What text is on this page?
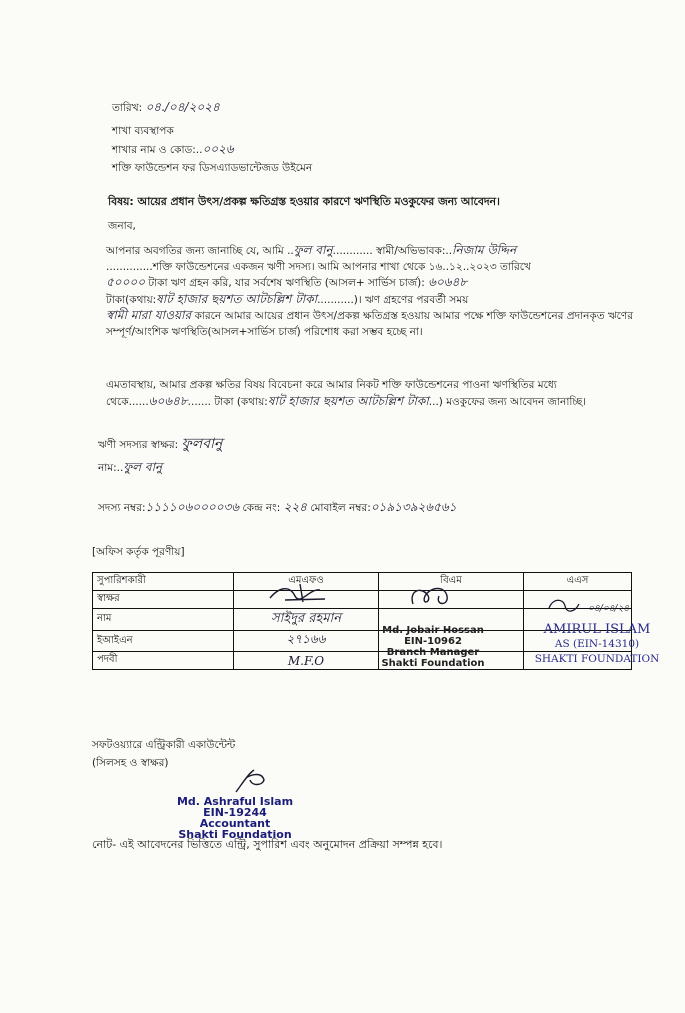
তারিখ: ০৪./০৪/২০২৪
শাখা ব্যবস্থাপক
শাখার নাম ও কোড:..০০২৬
শক্তি ফাউন্ডেশন ফর ডিসএ্যাডভান্টেজড উইমেন
বিষয়: আয়ের প্রধান উৎস/প্রকল্প ক্ষতিগ্রস্ত হওয়ার কারণে ঋণস্থিতি মওকুফের জন্য আবেদন।
জনাব,
আপনার অবগতির জন্য জানাচ্ছি যে, আমি ..ফুল বানু............ স্বামী/অভিভাবক:..নিজাম উদ্দিন
..............শক্তি ফাউন্ডেশনের একজন ঋণী সদস্য। আমি আপনার শাখা থেকে ১৬..১২..২০২৩ তারিখে
৫০০০০ টাকা ঋণ গ্রহন করি, যার সর্বশেষ ঋণস্থিতি (আসল+ সার্ভিস চার্জ): ৬০৬৪৮
টাকা(কথায়:ষাট হাজার ছয়শত আটচল্লিশ টাকা...........)। ঋণ গ্রহণের পরবর্তী সময়
স্বামী মারা যাওয়ার কারনে আমার আয়ের প্রধান উৎস/প্রকল্প ক্ষতিগ্রস্ত হওয়ায় আমার পক্ষে শক্তি ফাউন্ডেশনের প্রদানকৃত ঋণের সম্পূর্ণ/আংশিক ঋণস্থিতি(আসল+সার্ভিস চার্জ) পরিশোধ করা সম্ভব হচ্ছে না।
এমতাবস্থায়, আমার প্রকল্প ক্ষতির বিষয় বিবেচনা করে আমার নিকট শক্তি ফাউন্ডেশনের পাওনা ঋণস্থিতির মধ্যে থেকে......৬০৬৪৮....... টাকা (কথায়:ষাট হাজার ছয়শত আটচল্লিশ টাকা...) মওকুফের জন্য আবেদন জানাচ্ছি।
ঋণী সদস্যর স্বাক্ষর: ফুলবানু
নাম:..ফুল বানু
সদস্য নম্বর:১১১১০৬০০০০৩৬ কেন্দ্র নং: ২২৪ মোবাইল নম্বর:০১৯১৩৯২৬৫৬১
[অফিস কর্তৃক পূরণীয়]
সুপারিশকারী	এমএফও	বিএম	এএস
স্বাক্ষর			
নাম	সাইদুর রহমান		
ইআইএন	২৭১৬৬		
পদবী	M.F.O		
০৪/০৪/২৪
Md. Jobair Hossan
EIN-10962
Branch Manager
Shakti Foundation
AMIRUL ISLAM
AS (EIN-14310)
SHAKTI FOUNDATION
সফটওয়্যারে এন্ট্রিকারী একাউন্টেন্ট
(সিলসহ ও স্বাক্ষর)
Md. Ashraful Islam
EIN-19244
Accountant
Shakti Foundation
নোট- এই আবেদনের ভিত্তিতে এন্ট্রি, সুপারিশ এবং অনুমোদন প্রক্রিয়া সম্পন্ন হবে।
